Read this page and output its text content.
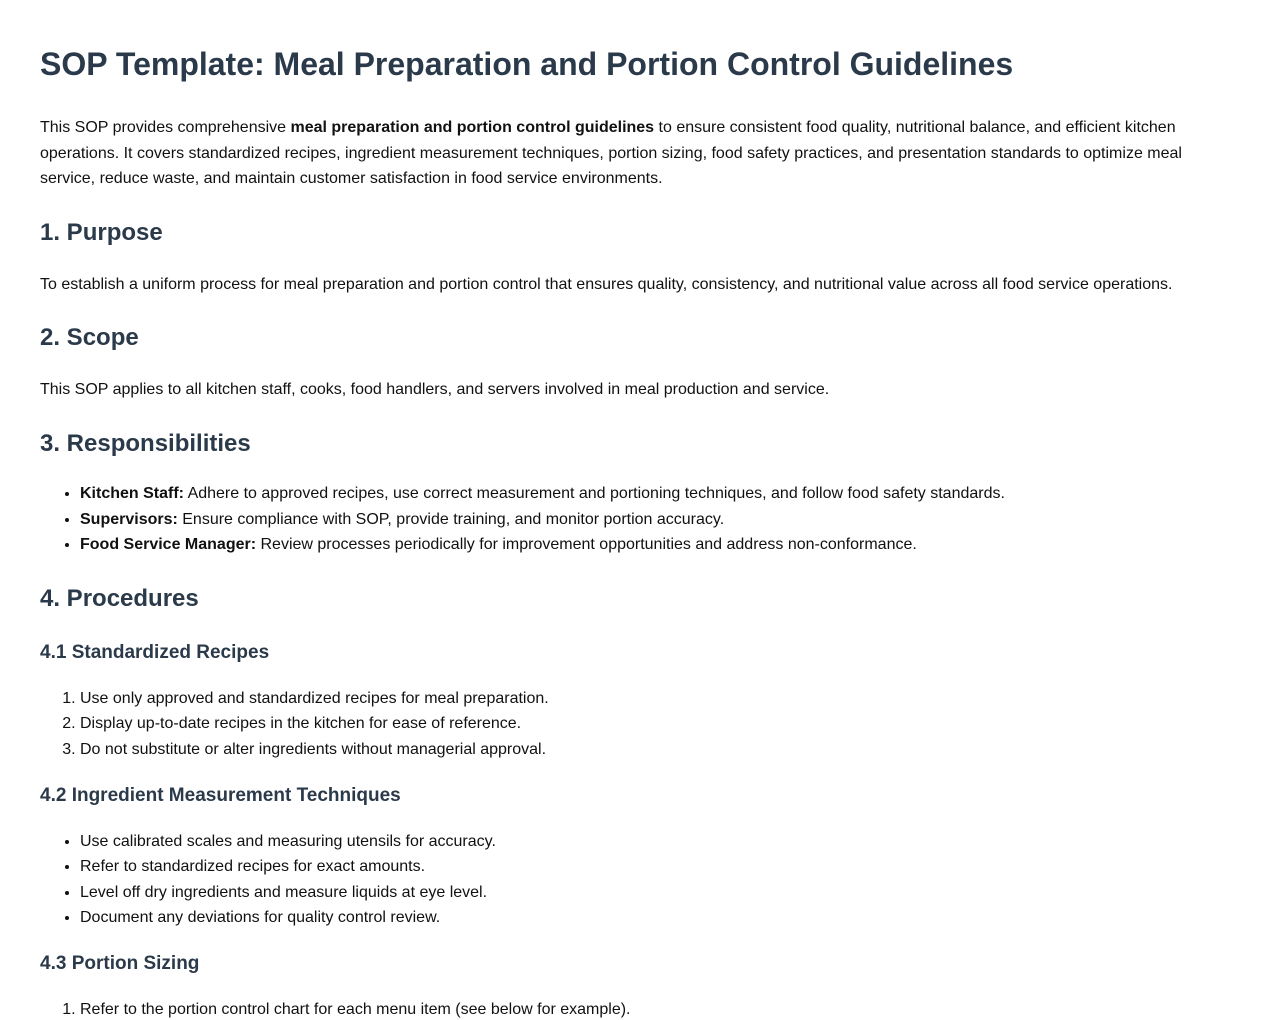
SOP Template: Meal Preparation and Portion Control Guidelines

This SOP provides comprehensive meal preparation and portion control guidelines to ensure consistent food quality, nutritional balance, and efficient kitchen operations. It covers standardized recipes, ingredient measurement techniques, portion sizing, food safety practices, and presentation standards to optimize meal service, reduce waste, and maintain customer satisfaction in food service environments.

1. Purpose

To establish a uniform process for meal preparation and portion control that ensures quality, consistency, and nutritional value across all food service operations.

2. Scope

This SOP applies to all kitchen staff, cooks, food handlers, and servers involved in meal production and service.

3. Responsibilities
• Kitchen Staff: Adhere to approved recipes, use correct measurement and portioning techniques, and follow food safety standards.
• Supervisors: Ensure compliance with SOP, provide training, and monitor portion accuracy.
• Food Service Manager: Review processes periodically for improvement opportunities and address non-conformance.
4. Procedures
4.1 Standardized Recipes
1. Use only approved and standardized recipes for meal preparation.
2. Display up-to-date recipes in the kitchen for ease of reference.
3. Do not substitute or alter ingredients without managerial approval.
4.2 Ingredient Measurement Techniques
• Use calibrated scales and measuring utensils for accuracy.
• Refer to standardized recipes for exact amounts.
• Level off dry ingredients and measure liquids at eye level.
• Document any deviations for quality control review.
4.3 Portion Sizing
1. Refer to the portion control chart for each menu item (see below for example).
